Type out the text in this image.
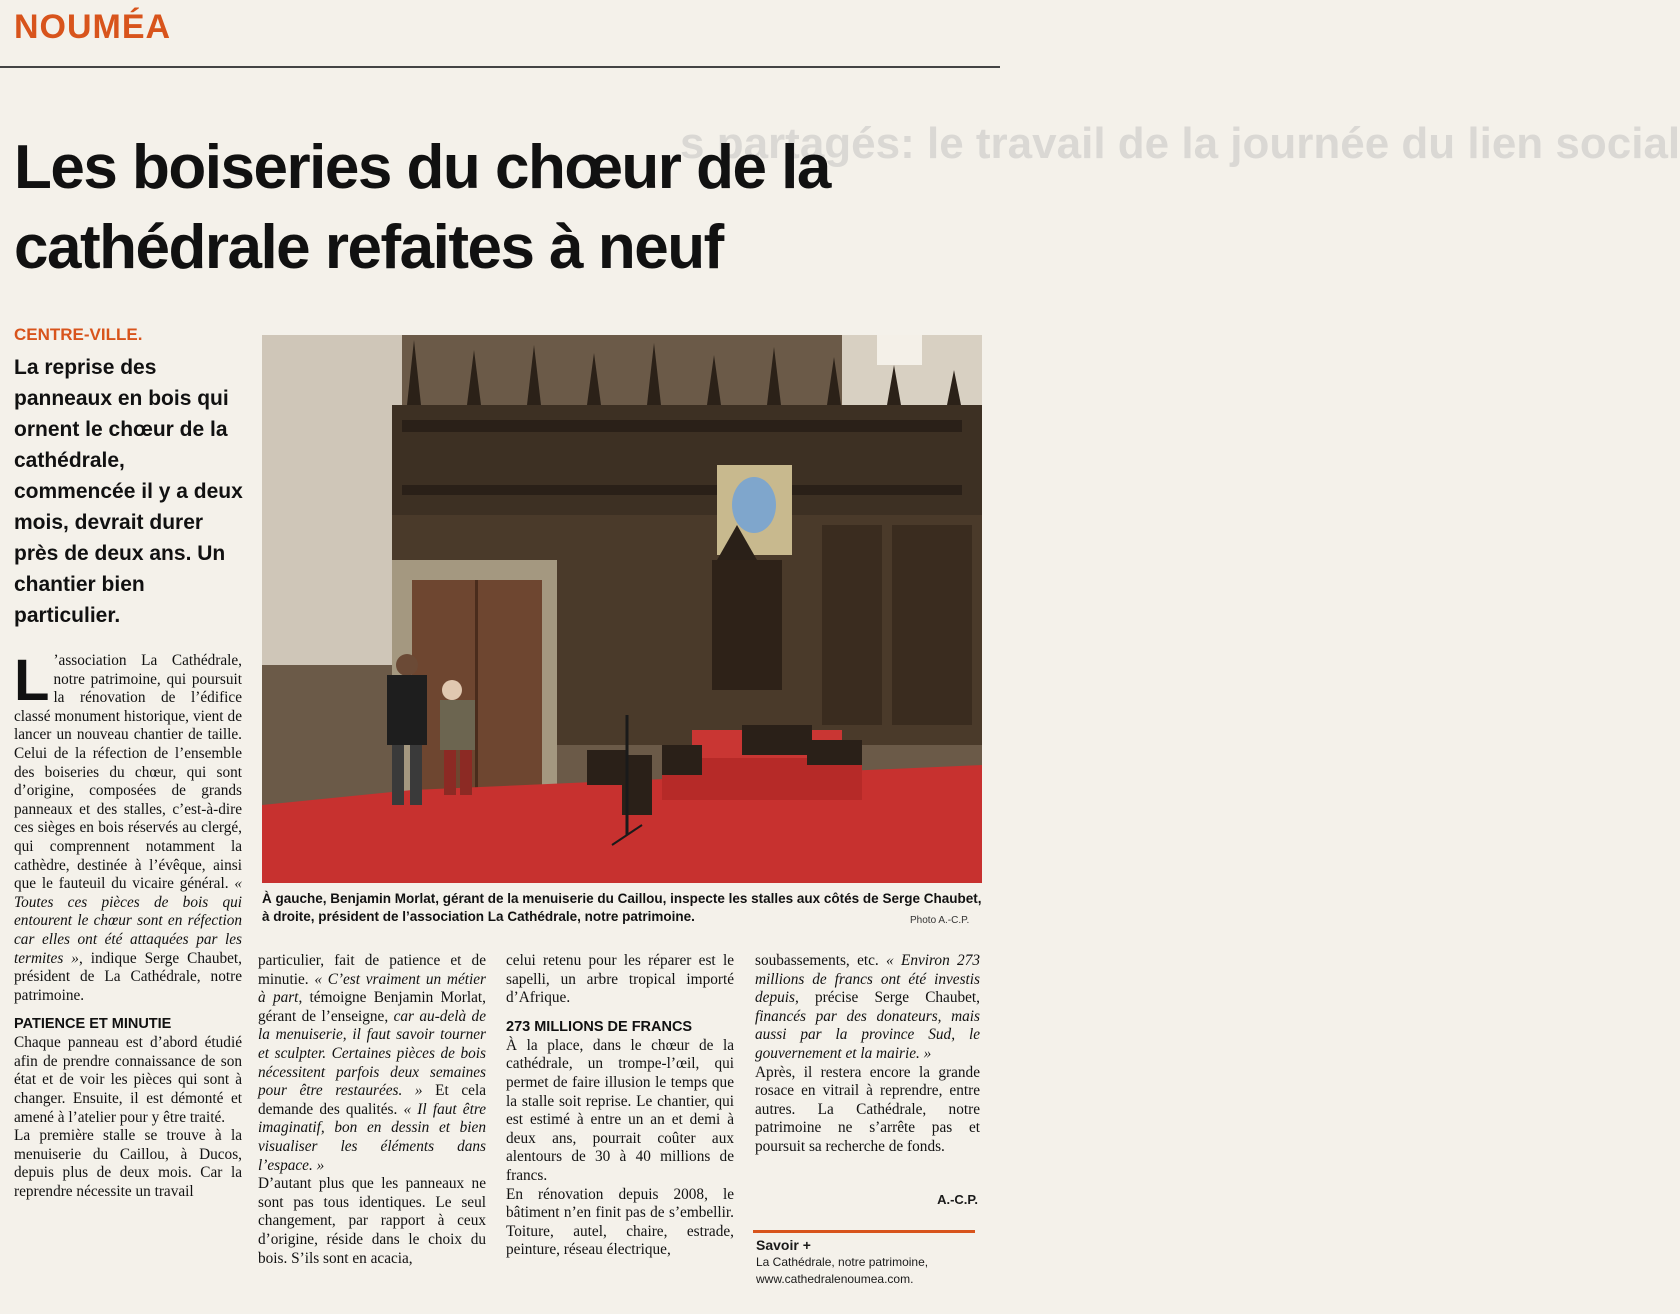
NOUMÉA
s partagés: le travail de la journée du lien social
Les boiseries du chœur de la cathédrale refaites à neuf
CENTRE-VILLE.
La reprise des panneaux en bois qui ornent le chœur de la cathédrale, commencée il y a deux mois, devrait durer près de deux ans. Un chantier bien particulier.
À gauche, Benjamin Morlat, gérant de la menuiserie du Caillou, inspecte les stalles aux côtés de Serge Chaubet, à droite, président de l’association La Cathédrale, notre patrimoine.	Photo A.-C.P.

L ’association La Cathédrale, notre patrimoine, qui poursuit la rénovation de l’édifice classé monument historique, vient de lancer un nouveau chantier de taille. Celui de la réfection de l’ensemble des boiseries du chœur, qui sont d’origine, composées de grands panneaux et des stalles, c’est-à-dire ces sièges en bois réservés au clergé, qui comprennent notamment la cathèdre, destinée à l’évêque, ainsi que le fauteuil du vicaire général. « Toutes ces pièces de bois qui entourent le chœur sont en réfection car elles ont été attaquées par les termites », indique Serge Chaubet, président de La Cathédrale, notre patrimoine.

PATIENCE ET MINUTIE

Chaque panneau est d’abord étudié afin de prendre connaissance de son état et de voir les pièces qui sont à changer. Ensuite, il est démonté et amené à l’atelier pour y être traité.

La première stalle se trouve à la menuiserie du Caillou, à Ducos, depuis plus de deux mois. Car la reprendre nécessite un travail

particulier, fait de patience et de minutie. « C’est vraiment un métier à part, témoigne Benjamin Morlat, gérant de l’enseigne, car au-delà de la menuiserie, il faut savoir tourner et sculpter. Certaines pièces de bois nécessitent parfois deux semaines pour être restaurées. » Et cela demande des qualités. « Il faut être imaginatif, bon en dessin et bien visualiser les éléments dans l’espace. »

D’autant plus que les panneaux ne sont pas tous identiques. Le seul changement, par rapport à ceux d’origine, réside dans le choix du bois. S’ils sont en acacia,

celui retenu pour les réparer est le sapelli, un arbre tropical importé d’Afrique.

273 MILLIONS DE FRANCS

À la place, dans le chœur de la cathédrale, un trompe-l’œil, qui permet de faire illusion le temps que la stalle soit reprise. Le chantier, qui est estimé à entre un an et demi à deux ans, pourrait coûter aux alentours de 30 à 40 millions de francs.

En rénovation depuis 2008, le bâtiment n’en finit pas de s’embellir. Toiture, autel, chaire, estrade, peinture, réseau électrique,

soubassements, etc. « Environ 273 millions de francs ont été investis depuis, précise Serge Chaubet, financés par des donateurs, mais aussi par la province Sud, le gouvernement et la mairie. »

Après, il restera encore la grande rosace en vitrail à reprendre, entre autres. La Cathédrale, notre patrimoine ne s’arrête pas et poursuit sa recherche de fonds.

A.-C.P.
Savoir +
La Cathédrale, notre patrimoine,
www.cathedralenoumea.com.
